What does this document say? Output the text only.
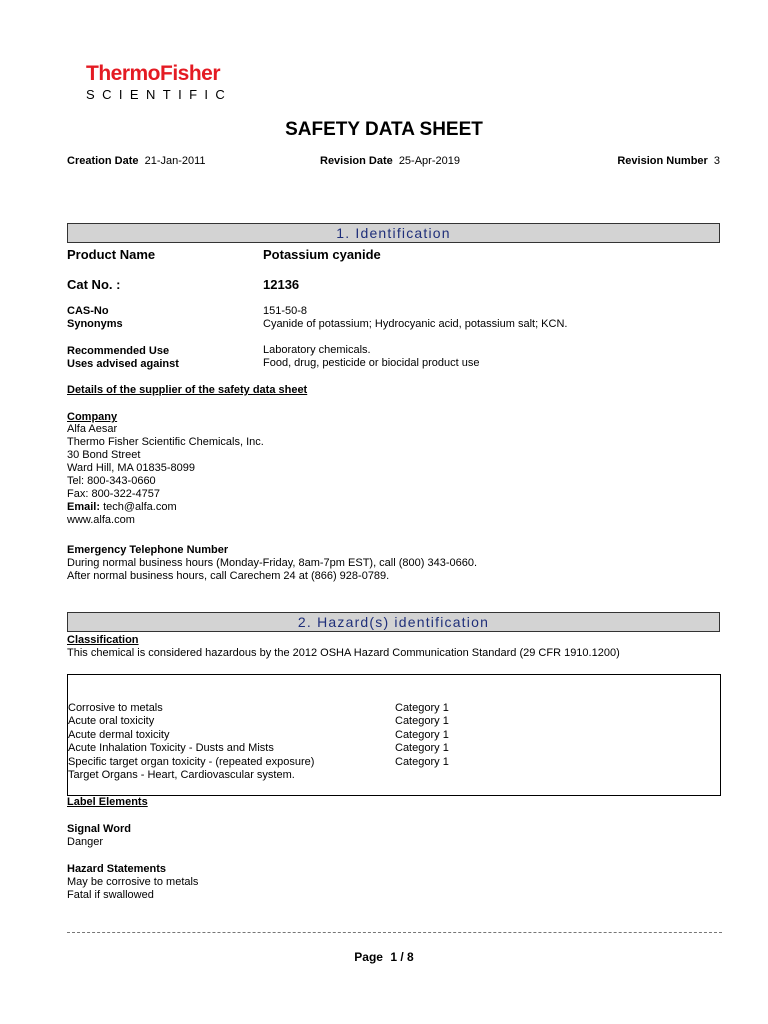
ThermoFisher
SCIENTIFIC
SAFETY DATA SHEET
Creation Date 21-Jan-2011	Revision Date 25-Apr-2019	Revision Number 3
1. Identification
Product Name	Potassium cyanide
Cat No. :	12136
CAS-No	151-50-8
Synonyms	Cyanide of potassium; Hydrocyanic acid, potassium salt; KCN.
Recommended Use	Laboratory chemicals.
Uses advised against	Food, drug, pesticide or biocidal product use
Details of the supplier of the safety data sheet
Company
Alfa Aesar
Thermo Fisher Scientific Chemicals, Inc.
30 Bond Street
Ward Hill, MA 01835-8099
Tel: 800-343-0660
Fax: 800-322-4757
Email: tech@alfa.com
www.alfa.com
Emergency Telephone Number
During normal business hours (Monday-Friday, 8am-7pm EST), call (800) 343-0660.
After normal business hours, call Carechem 24 at (866) 928-0789.
2. Hazard(s) identification
Classification
This chemical is considered hazardous by the 2012 OSHA Hazard Communication Standard (29 CFR 1910.1200)
Corrosive to metals	Category 1
Acute oral toxicity	Category 1
Acute dermal toxicity	Category 1
Acute Inhalation Toxicity - Dusts and Mists	Category 1
Specific target organ toxicity - (repeated exposure)	Category 1
Target Organs - Heart, Cardiovascular system.
Label Elements
Signal Word
Danger
Hazard Statements
May be corrosive to metals
Fatal if swallowed
Page 1 / 8
